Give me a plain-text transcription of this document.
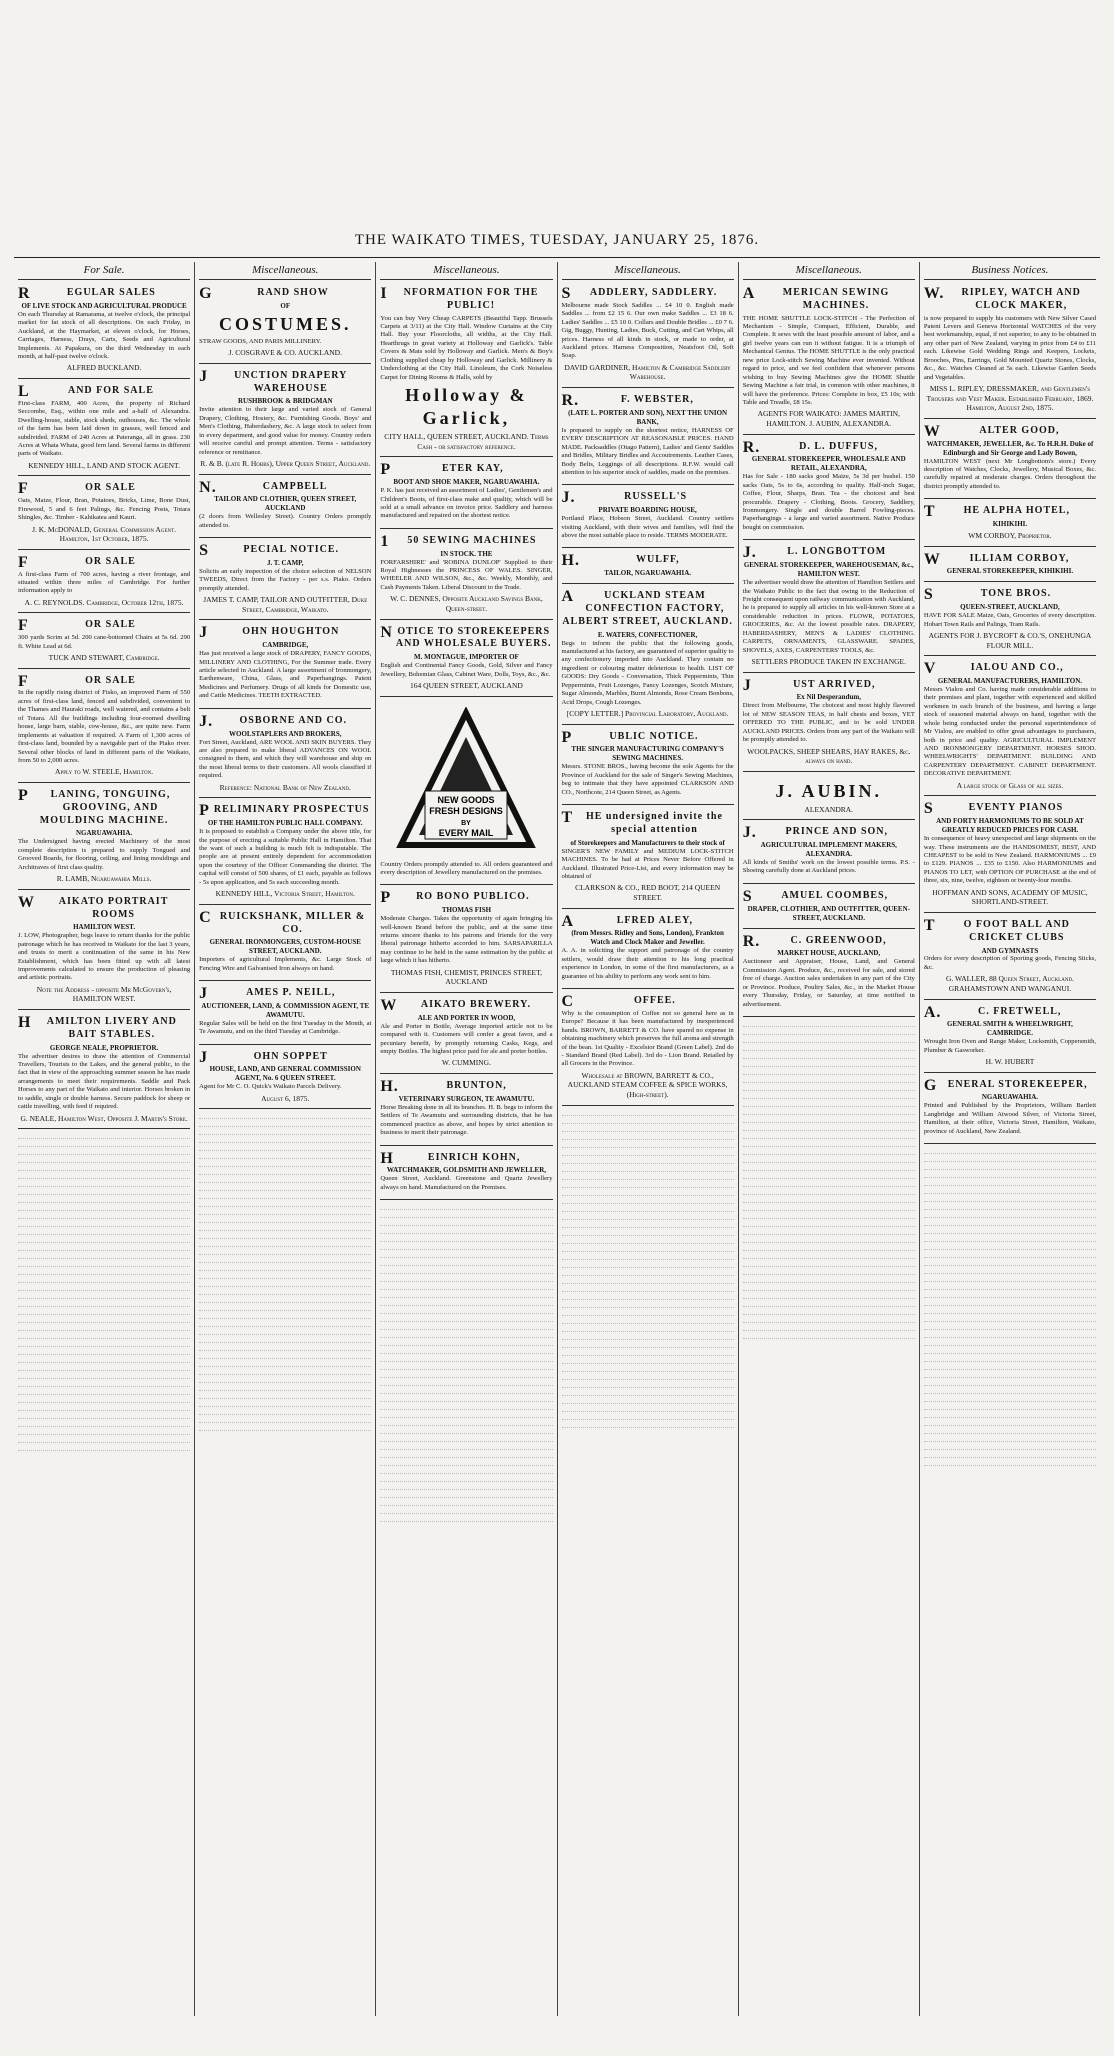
THE WAIKATO TIMES, TUESDAY, JANUARY 25, 1876.
For Sale.
REGULAR SALES
OF LIVE STOCK AND AGRICULTURAL PRODUCE

On each Thursday at Ramarama, at twelve o'clock, the principal market for fat stock of all descriptions. On each Friday, in Auckland, at the Haymarket, at eleven o'clock, for Horses, Carriages, Harness, Drays, Carts, Seeds and Agricultural Implements. At Papakura, on the third Wednesday in each month, at half-past twelve o'clock.

ALFRED BUCKLAND.
LAND FOR SALE

First-class FARM, 400 Acres, the property of Richard Seccombe, Esq., within one mile and a-half of Alexandra. Dwelling-house, stable, stock sheds, outhouses, &c. The whole of the farm has been laid down in grasses, well fenced and subdivided. FARM of 240 Acres at Pateranga, all in grass. 230 Acres at Whata Whata, good fern land. Several farms in different parts of Waikato.

KENNEDY HILL, LAND AND STOCK AGENT.
FOR SALE

Oats, Maize, Flour, Bran, Potatoes, Bricks, Lime, Bone Dust, Firewood, 5 and 6 feet Palings, &c. Fencing Posts, Totara Shingles, &c. Timber - Kahikatea and Kauri.

J. K. McDONALD, General Commission Agent. Hamilton, 1st October, 1875.
FOR SALE

A first-class Farm of 700 acres, having a river frontage, and situated within three miles of Cambridge. For further information apply to

A. C. REYNOLDS. Cambridge, October 12th, 1875.
FOR SALE

300 yards Scrim at 5d. 200 cane-bottomed Chairs at 5s 6d. 290 ft. White Lead at 6d.

TUCK AND STEWART, Cambridge.
FOR SALE

In the rapidly rising district of Fisko, an improved Farm of 550 acres of first-class land, fenced and subdivided, convenient to the Thames and Hauraki roads, well watered, and contains a belt of Totara. All the buildings including four-roomed dwelling house, large barn, stable, cow-house, &c., are quite new. Farm implements at valuation if required. A Farm of 1,300 acres of first-class land, bounded by a navigable part of the Piako river. Several other blocks of land in different parts of the Waikato, from 50 to 2,000 acres.

Apply to W. STEELE, Hamilton.
PLANING, TONGUING, GROOVING, AND MOULDING MACHINE.
NGARUAWAHIA.

The Undersigned having erected Machinery of the most complete description is prepared to supply Tongued and Grooved Boards, for flooring, ceiling, and lining mouldings and Architraves of first class quality.

R. LAMB, Ngaruawahia Mills.
WAIKATO PORTRAIT ROOMS
HAMILTON WEST.

J. LOW, Photographer, begs leave to return thanks for the public patronage which he has received in Waikato for the last 3 years, and trusts to merit a continuation of the same in his New Establishment, which has been fitted up with all latest improvements calculated to ensure the production of pleasing and artistic portraits.

Note the Address - opposite Mr McGovern's, HAMILTON WEST.
HAMILTON LIVERY AND BAIT STABLES.
GEORGE NEALE, PROPRIETOR.

The advertiser desires to draw the attention of Commercial Travellers, Tourists to the Lakes, and the general public, to the fact that in view of the approaching summer season he has made arrangements to meet their requirements. Saddle and Pack Horses to any part of the Waikato and interior. Horses broken in to saddle, single or double harness. Secure paddock for sheep or cattle travelling, with feed if required.

G. NEALE, Hamilton West, Opposite J. Martin's Store.
Miscellaneous.
GRAND SHOW
OF
COSTUMES.

STRAW GOODS, AND PARIS MILLINERY.

J. COSGRAVE & CO. AUCKLAND.
JUNCTION DRAPERY WAREHOUSE
RUSHBROOK & BRIDGMAN

Invite attention to their large and varied stock of General Drapery, Clothing, Hosiery, &c. Furnishing Goods. Boys' and Men's Clothing, Haberdashery, &c. A large stock to select from in every department, and good value for money. Country orders will receive careful and prompt attention. Terms - satisfactory reference or remittance.

R. & B. (late R. Hobbs), Upper Queen Street, Auckland.
N.CAMPBELL
TAILOR AND CLOTHIER, QUEEN STREET, AUCKLAND

(2 doors from Wellesley Street). Country Orders promptly attended to.

SPECIAL NOTICE.
J. T. CAMP,

Solicits an early inspection of the choice selection of NELSON TWEEDS, Direct from the Factory - per s.s. Piako. Orders promptly attended.

JAMES T. CAMP, TAILOR AND OUTFITTER, Duke Street, Cambridge, Waikato.
JOHN HOUGHTON
CAMBRIDGE,

Has just received a large stock of DRAPERY, FANCY GOODS, MILLINERY AND CLOTHING, For the Summer trade. Every article selected in Auckland. A large assortment of Ironmongery, Earthenware, China, Glass, and Paperhangings. Patent Medicines and Perfumery. Drugs of all kinds for Domestic use, and Cattle Medicines. TEETH EXTRACTED.

J.OSBORNE AND CO.
WOOLSTAPLERS AND BROKERS,

Fort Street, Auckland, ARE WOOL AND SKIN BUYERS. They are also prepared to make liberal ADVANCES ON WOOL consigned to them, and which they will warehouse and ship on the most liberal terms to their customers. All wools classified if required.

Reference: National Bank of New Zealand.
PRELIMINARY PROSPECTUS
OF THE HAMILTON PUBLIC HALL COMPANY.

It is proposed to establish a Company under the above title, for the purpose of erecting a suitable Public Hall in Hamilton. That the want of such a building is much felt is indisputable. The people are at present entirely dependent for accommodation upon the courtesy of the Officer Commanding the district. The capital will consist of 500 shares, of £1 each, payable as follows - 5s upon application, and 5s each succeeding month.

KENNEDY HILL, Victoria Street, Hamilton.
CRUICKSHANK, MILLER & CO.
GENERAL IRONMONGERS, CUSTOM-HOUSE STREET, AUCKLAND.

Importers of agricultural Implements, &c. Large Stock of Fencing Wire and Galvanised Iron always on hand.

JAMES P. NEILL,
AUCTIONEER, LAND, & COMMISSION AGENT, TE AWAMUTU.

Regular Sales will be held on the first Tuesday in the Month, at Te Awamutu, and on the third Tuesday at Cambridge.

JOHN SOPPET
HOUSE, LAND, AND GENERAL COMMISSION AGENT, No. 6 QUEEN STREET.

Agent for Mr C. O. Quick's Waikato Parcels Delivery.

August 6, 1875.
Miscellaneous.
INFORMATION FOR THE PUBLIC!

You can buy Very Cheap CARPETS (Beautiful Tapp. Brussels Carpets at 3/11) at the City Hall. Window Curtains at the City Hall. Buy your Floorcloths, all widths, at the City Hall. Hearthrugs in great variety at Holloway and Garlick's. Table Covers & Mats sold by Holloway and Garlick. Men's & Boy's Clothing supplied cheap by Holloway and Garlick. Millinery & Underclothing at the City Hall. Linoleum, the Cork Noiseless Carpet for Dining Rooms & Halls, sold by

Holloway & Garlick,
CITY HALL, QUEEN STREET, AUCKLAND. Terms Cash - or satisfactory reference.
PETER KAY,
BOOT AND SHOE MAKER, NGARUAWAHIA.

P. K. has just received an assortment of Ladies', Gentlemen's and Children's Boots, of first-class make and quality, which will be sold at a small advance on invoice price. Saddlery and harness manufactured and repaired on the shortest notice.

150 SEWING MACHINES
IN STOCK. THE

FORFARSHIRE' and 'ROBINA DUNLOP' Supplied to their Royal Highnesses the PRINCESS OF WALES. SINGER, WHEELER AND WILSON, &c., &c. Weekly, Monthly, and Cash Payments Taken. Liberal Discount to the Trade.

W. C. DENNES, Opposite Auckland Savings Bank, Queen-street.
NOTICE TO STOREKEEPERS AND WHOLESALE BUYERS.
M. MONTAGUE, IMPORTER OF

English and Continental Fancy Goods, Gold, Silver and Fancy Jewellery, Bohemian Glass, Cabinet Ware, Dolls, Toys, &c., &c.

164 QUEEN STREET, AUCKLAND
NEW GOODS
FRESH DESIGNS
BY
EVERY MAIL

Country Orders promptly attended to. All orders guaranteed and every description of Jewellery manufactured on the premises.

PRO BONO PUBLICO.
THOMAS FISH

Moderate Charges. Takes the opportunity of again bringing his well-known Brand before the public, and at the same time returns sincere thanks to his patrons and friends for the very liberal patronage hitherto accorded to him. SARSAPARILLA may continue to be held in the same estimation by the public at large which it has hitherto.

THOMAS FISH, CHEMIST, PRINCES STREET, AUCKLAND
WAIKATO BREWERY.
ALE AND PORTER IN WOOD,

Ale and Porter in Bottle, Average imported article not to be compared with it. Customers will confer a great favor, and a pecuniary benefit, by promptly returning Casks, Kegs, and empty Bottles. The highest price paid for ale and porter bottles.

W. CUMMING.
H.BRUNTON,
VETERINARY SURGEON, TE AWAMUTU.

Horse Breaking done in all its branches. H. B. begs to inform the Settlers of Te Awamutu and surrounding districts, that he has commenced practice as above, and hopes by strict attention to business to merit their patronage.

HEINRICH KOHN,
WATCHMAKER, GOLDSMITH AND JEWELLER,

Queen Street, Auckland. Greenstone and Quartz Jewellery always on hand. Manufactured on the Premises.

Miscellaneous.
SADDLERY, SADDLERY.

Melbourne made Stock Saddles ... £4 10 0. English made Saddles ... from £2 15 6. Our own make Saddles ... £3 18 6. Ladies' Saddles ... £5 10 0. Collars and Double Bridles ... £0 7 6. Gig, Buggy, Hunting, Ladies, Buck, Cutting, and Cart Whips, all prices. Harness of all kinds in stock, or made to order, at Auckland prices. Harness Composition, Neatsfoot Oil, Soft Soap.

DAVID GARDINER, Hamilton & Cambridge Saddlery Warehouse.
R.F. WEBSTER,
(LATE L. PORTER AND SON), NEXT THE UNION BANK,

Is prepared to supply on the shortest notice, HARNESS OF EVERY DESCRIPTION AT REASONABLE PRICES. HAND MADE. Packsaddles (Otago Pattern), Ladies' and Gents' Saddles and Bridles, Military Bridles and Accoutrements. Leather Cases, Body Belts, Leggings of all descriptions. R.F.W. would call attention to his superior stock of saddles, made on the premises.

J.RUSSELL'S
PRIVATE BOARDING HOUSE,

Portland Place, Hobson Street, Auckland. Country settlers visiting Auckland, with their wives and families, will find the above the most suitable place to reside. TERMS MODERATE.

H.WULFF,
TAILOR, NGARUAWAHIA.
AUCKLAND STEAM CONFECTION FACTORY, ALBERT STREET, AUCKLAND.
E. WATERS, CONFECTIONER,

Begs to inform the public that the following goods, manufactured at his factory, are guaranteed of superior quality to any confectionery imported into Auckland. They contain no ingredient or colouring matter deleterious to health. LIST OF GOODS: Dry Goods - Conversation, Thick Peppermints, Thin Peppermints, Fruit Lozenges, Fancy Lozenges, Scotch Mixture, Sugar Almonds, Marbles, Burnt Almonds, Rose Cream Bonbons, Acid Drops, Cough Lozenges.

[COPY LETTER.] Provincial Laboratory, Auckland.
PUBLIC NOTICE.
THE SINGER MANUFACTURING COMPANY'S SEWING MACHINES.

Messrs. STONE BROS., having become the sole Agents for the Province of Auckland for the sale of Singer's Sewing Machines, beg to intimate that they have appointed CLARKSON AND CO., Northcote, 214 Queen Street, as Agents.

THE undersigned invite the special attention
of Storekeepers and Manufacturers to their stock of

SINGER'S NEW FAMILY and MEDIUM LOCK-STITCH MACHINES. To be had at Prices Never Before Offered in Auckland. Illustrated Price-List, and every information may be obtained of

CLARKSON & CO., RED BOOT, 214 QUEEN STREET.
ALFRED ALEY,
(from Messrs. Ridley and Sons, London), Frankton Watch and Clock Maker and Jeweller.

A. A. in soliciting the support and patronage of the country settlers, would draw their attention to his long practical experience in London, in some of the first manufacturers, as a guarantee of his ability to perform any work sent to him.

COFFEE.

Why is the consumption of Coffee not so general here as in Europe? Because it has been manufactured by inexperienced hands. BROWN, BARRETT & CO. have spared no expense in obtaining machinery which preserves the full aroma and strength of the bean. 1st Quality - Excelsior Brand (Green Label). 2nd do - Standard Brand (Red Label). 3rd do - Lion Brand. Retailed by all Grocers in the Province.

Wholesale at BROWN, BARRETT & CO., AUCKLAND STEAM COFFEE & SPICE WORKS, (High-street).
Miscellaneous.
AMERICAN SEWING MACHINES.

THE HOME SHUTTLE LOCK-STITCH - The Perfection of Mechanism - Simple, Compact, Efficient, Durable, and Complete. It sews with the least possible amount of labor, and a girl twelve years can run it without fatigue. It is a triumph of Mechanical Genius. The HOME SHUTTLE is the only practical new price Lock-stitch Sewing Machine ever invented. Without regard to price, and we feel confident that whenever persons wishing to buy Sewing Machines give the HOME Shuttle Sewing Machine a fair trial, in common with other machines, it will have the preference. Prices: Complete in box, £5 10s; with Table and Treadle, £8 15s.

AGENTS FOR WAIKATO: JAMES MARTIN, HAMILTON. J. AUBIN, ALEXANDRA.
R.D. L. DUFFUS,
GENERAL STOREKEEPER, WHOLESALE AND RETAIL, ALEXANDRA,

Has for Sale - 180 sacks good Maize, 5s 3d per bushel. 150 sacks Oats, 5s to 6s, according to quality. Half-inch Sugar, Coffee, Flour, Sharps, Bran. Tea - the choicest and best procurable. Drapery - Clothing, Boots. Grocery, Saddlery, Ironmongery. Single and double Barrel Fowling-pieces. Paperhangings - a large and varied assortment. Native Produce bought on commission.

J.L. LONGBOTTOM
GENERAL STOREKEEPER, WAREHOUSEMAN, &c., HAMILTON WEST.

The advertiser would draw the attention of Hamilton Settlers and the Waikato Public to the fact that owing to the Reduction of Freight consequent upon railway communication with Auckland, he is prepared to supply all articles in his well-known Store at a considerable reduction in prices. FLOWR, POTATOES, GROCERIES, &c. At the lowest possible rates. DRAPERY, HABERDASHERY, MEN'S & LADIES' CLOTHING. CARPETS, ORNAMENTS, GLASSWARE. SPADES, SHOVELS, AXES, CARPENTERS' TOOLS, &c.

SETTLERS PRODUCE TAKEN IN EXCHANGE.
JUST ARRIVED,
Ex Nil Desperandum,

Direct from Melbourne, The choicest and most highly flavored lot of NEW SEASON TEAS, in half chests and boxes, YET OFFERED TO THE PUBLIC, and to be sold UNDER AUCKLAND PRICES. Orders from any part of the Waikato will be promptly attended to.

WOOLPACKS, SHEEP SHEARS, HAY RAKES, &c. always on hand.
J. AUBIN.
ALEXANDRA.
J.PRINCE AND SON,
AGRICULTURAL IMPLEMENT MAKERS, ALEXANDRA.

All kinds of Smiths' work on the lowest possible terms. P.S. - Shoeing carefully done at Auckland prices.

SAMUEL COOMBES,
DRAPER, CLOTHIER, AND OUTFITTER, QUEEN-STREET, AUCKLAND.
R.C. GREENWOOD,
MARKET HOUSE, AUCKLAND,

Auctioneer and Appraiser, House, Land, and General Commission Agent. Produce, &c., received for sale, and stored free of charge. Auction sales undertaken in any part of the City or Province. Produce, Poultry Sales, &c., in the Market House every Thursday, Friday, or Saturday, at time notified in advertisement.

Business Notices.
W.RIPLEY, WATCH AND CLOCK MAKER,

is now prepared to supply his customers with New Silver Cased Patent Levers and Geneva Horizontal WATCHES of the very best workmanship, equal, if not superior, to any to be obtained in any other part of New Zealand, varying in price from £4 to £11 each. Likewise Gold Wedding Rings and Keepers, Lockets, Brooches, Pins, Earrings, Gold Mounted Quartz Stones, Clocks, &c., &c. Watches Cleaned at 5s each. Likewise Garden Seeds and Vegetables.

MISS L. RIPLEY, DRESSMAKER, and Gentlemen's Trousers and Vest Maker. Established February, 1869. Hamilton, August 2nd, 1875.
WALTER GOOD,
WATCHMAKER, JEWELLER, &c. To H.R.H. Duke of Edinburgh and Sir George and Lady Bowen,

HAMILTON WEST (next Mr Longbottom's store.) Every description of Watches, Clocks, Jewellery, Musical Boxes, &c. carefully repaired at moderate charges. Orders throughout the district promptly attended to.

THE ALPHA HOTEL,
KIHIKIHI.
WM CORBOY, Proprietor.
WILLIAM CORBOY,
GENERAL STOREKEEPER, KIHIKIHI.
STONE BROS.
QUEEN-STREET, AUCKLAND,

HAVE FOR SALE Maize, Oats, Groceries of every description. Hobart Town Rails and Palings, Tram Rails.

AGENTS FOR J. BYCROFT & CO.'S, ONEHUNGA FLOUR MILL.
VIALOU AND CO.,
GENERAL MANUFACTURERS, HAMILTON.

Messrs Vialou and Co. having made considerable additions to their premises and plant, together with experienced and skilled workmen in each branch of the business, and having a large stock of seasoned material always on hand, together with the whole being conducted under the personal superintendence of Mr Vialou, are enabled to offer great advantages to purchasers, both in price and quality. AGRICULTURAL IMPLEMENT AND IRONMONGERY DEPARTMENT. HORSES SHOD. WHEELWRIGHTS' DEPARTMENT. BUILDING AND CARPENTERY DEPARTMENT. CABINET DEPARTMENT. DECORATIVE DEPARTMENT.

A large stock of Glass of all sizes.
SEVENTY PIANOS
AND FORTY HARMONIUMS TO BE SOLD AT GREATLY REDUCED PRICES FOR CASH.

In consequence of heavy unexpected and large shipments on the way. These instruments are the HANDSOMEST, BEST, AND CHEAPEST to be sold in New Zealand. HARMONIUMS ... £9 to £129. PIANOS ... £35 to £150. Also HARMONIUMS and PIANOS TO LET, with OPTION OF PURCHASE at the end of three, six, nine, twelve, eighteen or twenty-four months.

HOFFMAN AND SONS, ACADEMY OF MUSIC, SHORTLAND-STREET.
TO FOOT BALL AND CRICKET CLUBS
AND GYMNASTS

Orders for every description of Sporting goods, Fencing Sticks, &c.

G. WALLER, 88 Queen Street, Auckland. GRAHAMSTOWN AND WANGANUI.
A.C. FRETWELL,
GENERAL SMITH & WHEELWRIGHT, CAMBRIDGE.

Wrought Iron Oven and Range Maker, Locksmith, Coppersmith, Plumber & Gasworker.

H. W. HUBERT
GENERAL STOREKEEPER,
NGARUAWAHIA.

Printed and Published by the Proprietors, William Bartlett Langbridge and William Atwood Silver, of Victoria Street, Hamilton, at their office, Victoria Street, Hamilton, Waikato, province of Auckland, New Zealand.
